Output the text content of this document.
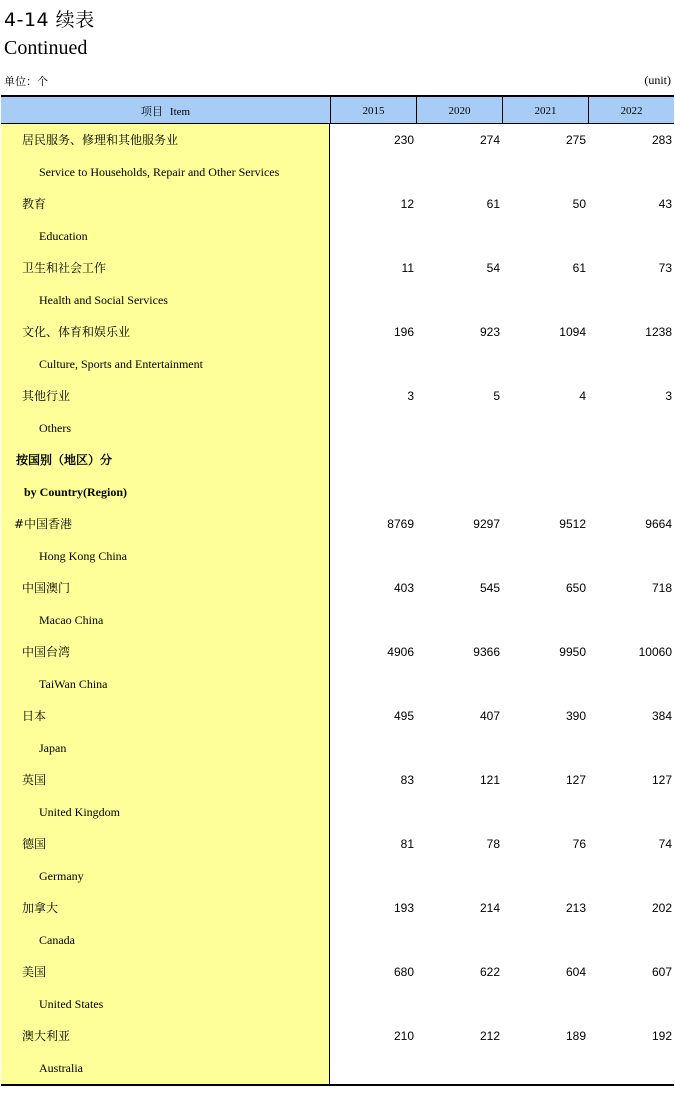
4-14 续表
Continued
单位：个	(unit)
项目 Item	2015	2020	2021	2022
居民服务、修理和其他服务业	230	274	275	283
Service to Households, Repair and Other Services
教育	12	61	50	43
Education
卫生和社会工作	11	54	61	73
Health and Social Services
文化、体育和娱乐业	196	923	1094	1238
Culture, Sports and Entertainment
其他行业	3	5	4	3
Others
按国别（地区）分
by Country(Region)
#中国香港	8769	9297	9512	9664
Hong Kong China
中国澳门	403	545	650	718
Macao China
中国台湾	4906	9366	9950	10060
TaiWan China
日本	495	407	390	384
Japan
英国	83	121	127	127
United Kingdom
德国	81	78	76	74
Germany
加拿大	193	214	213	202
Canada
美国	680	622	604	607
United States
澳大利亚	210	212	189	192
Australia
